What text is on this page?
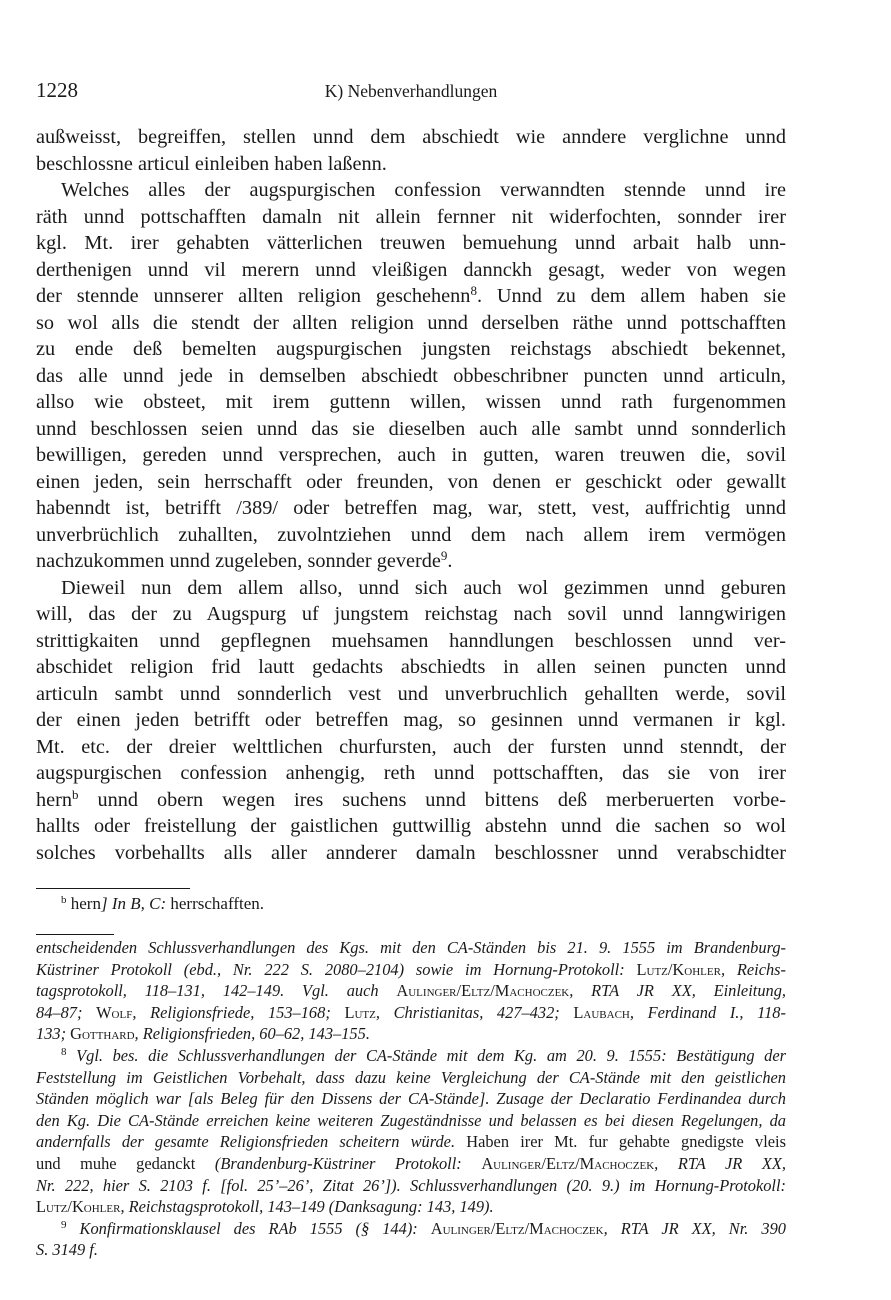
1228	K) Nebenverhandlungen
außweisst, begreiffen, stellen unnd dem abschiedt wie anndere verglichne unnd
beschlossne articul einleiben haben laßenn.
Welches alles der augspurgischen confession verwanndten stennde unnd ire
räth unnd pottschafften damaln nit allein fernner nit widerfochten, sonnder irer
kgl. Mt. irer gehabten vätterlichen treuwen bemuehung unnd arbait halb unn-
derthenigen unnd vil merern unnd vleißigen dannckh gesagt, weder von wegen
der stennde unnserer allten religion geschehenn$^8$. Unnd zu dem allem haben sie
so wol alls die stendt der allten religion unnd derselben räthe unnd pottschafften
zu ende deß bemelten augspurgischen jungsten reichstags abschiedt bekennet,
das alle unnd jede in demselben abschiedt obbeschribner puncten unnd articuln,
allso wie obsteet, mit irem guttenn willen, wissen unnd rath furgenommen
unnd beschlossen seien unnd das sie dieselben auch alle sambt unnd sonnderlich
bewilligen, gereden unnd versprechen, auch in gutten, waren treuwen die, sovil
einen jeden, sein herrschafft oder freunden, von denen er geschickt oder gewallt
habenndt ist, betrifft /389/ oder betreffen mag, war, stett, vest, auffrichtig unnd
unverbrüchlich zuhallten, zuvolntziehen unnd dem nach allem irem vermögen
nachzukommen unnd zugeleben, sonnder geverde$^9$.
Dieweil nun dem allem allso, unnd sich auch wol gezimmen unnd geburen
will, das der zu Augspurg uf jungstem reichstag nach sovil unnd lanngwirigen
strittigkaiten unnd gepflegnen muehsamen hanndlungen beschlossen unnd ver-
abschidet religion frid lautt gedachts abschiedts in allen seinen puncten unnd
articuln sambt unnd sonnderlich vest und unverbruchlich gehallten werde, sovil
der einen jeden betrifft oder betreffen mag, so gesinnen unnd vermanen ir kgl.
Mt. etc. der dreier welttlichen churfursten, auch der fursten unnd stenndt, der
augspurgischen confession anhengig, reth unnd pottschafften, das sie von irer
hern$^b$ unnd obern wegen ires suchens unnd bittens deß merberuerten vorbe-
hallts oder freistellung der gaistlichen guttwillig abstehn unnd die sachen so wol
solches vorbehallts alls aller annderer damaln beschlossner unnd verabschidter
$^b$ hern] In B, C: herrschafften.
entscheidenden Schlussverhandlungen des Kgs. mit den CA-Ständen bis 21. 9. 1555 im Brandenburg-
Küstriner Protokoll (ebd., Nr. 222 S. 2080–2104) sowie im Hornung-Protokoll: Lutz/Kohler, Reichs-
tagsprotokoll, 118–131, 142–149. Vgl. auch Aulinger/Eltz/Machoczek, RTA JR XX, Einleitung,
84–87; Wolf, Religionsfriede, 153–168; Lutz, Christianitas, 427–432; Laubach, Ferdinand I., 118-
133; Gotthard, Religionsfrieden, 60–62, 143–155.
$^8$ Vgl. bes. die Schlussverhandlungen der CA-Stände mit dem Kg. am 20. 9. 1555: Bestätigung der
Feststellung im Geistlichen Vorbehalt, dass dazu keine Vergleichung der CA-Stände mit den geistlichen
Ständen möglich war [als Beleg für den Dissens der CA-Stände]. Zusage der Declaratio Ferdinandea durch
den Kg. Die CA-Stände erreichen keine weiteren Zugeständnisse und belassen es bei diesen Regelungen, da
andernfalls der gesamte Religionsfrieden scheitern würde. Haben irer Mt. fur gehabte gnedigste vleis
und muhe gedanckt (Brandenburg-Küstriner Protokoll: Aulinger/Eltz/Machoczek, RTA JR XX,
Nr. 222, hier S. 2103 f. [fol. 25’–26’, Zitat 26’]). Schlussverhandlungen (20. 9.) im Hornung-Protokoll:
Lutz/Kohler, Reichstagsprotokoll, 143–149 (Danksagung: 143, 149).
$^9$ Konfirmationsklausel des RAb 1555 (§ 144): Aulinger/Eltz/Machoczek, RTA JR XX, Nr. 390
S. 3149 f.
